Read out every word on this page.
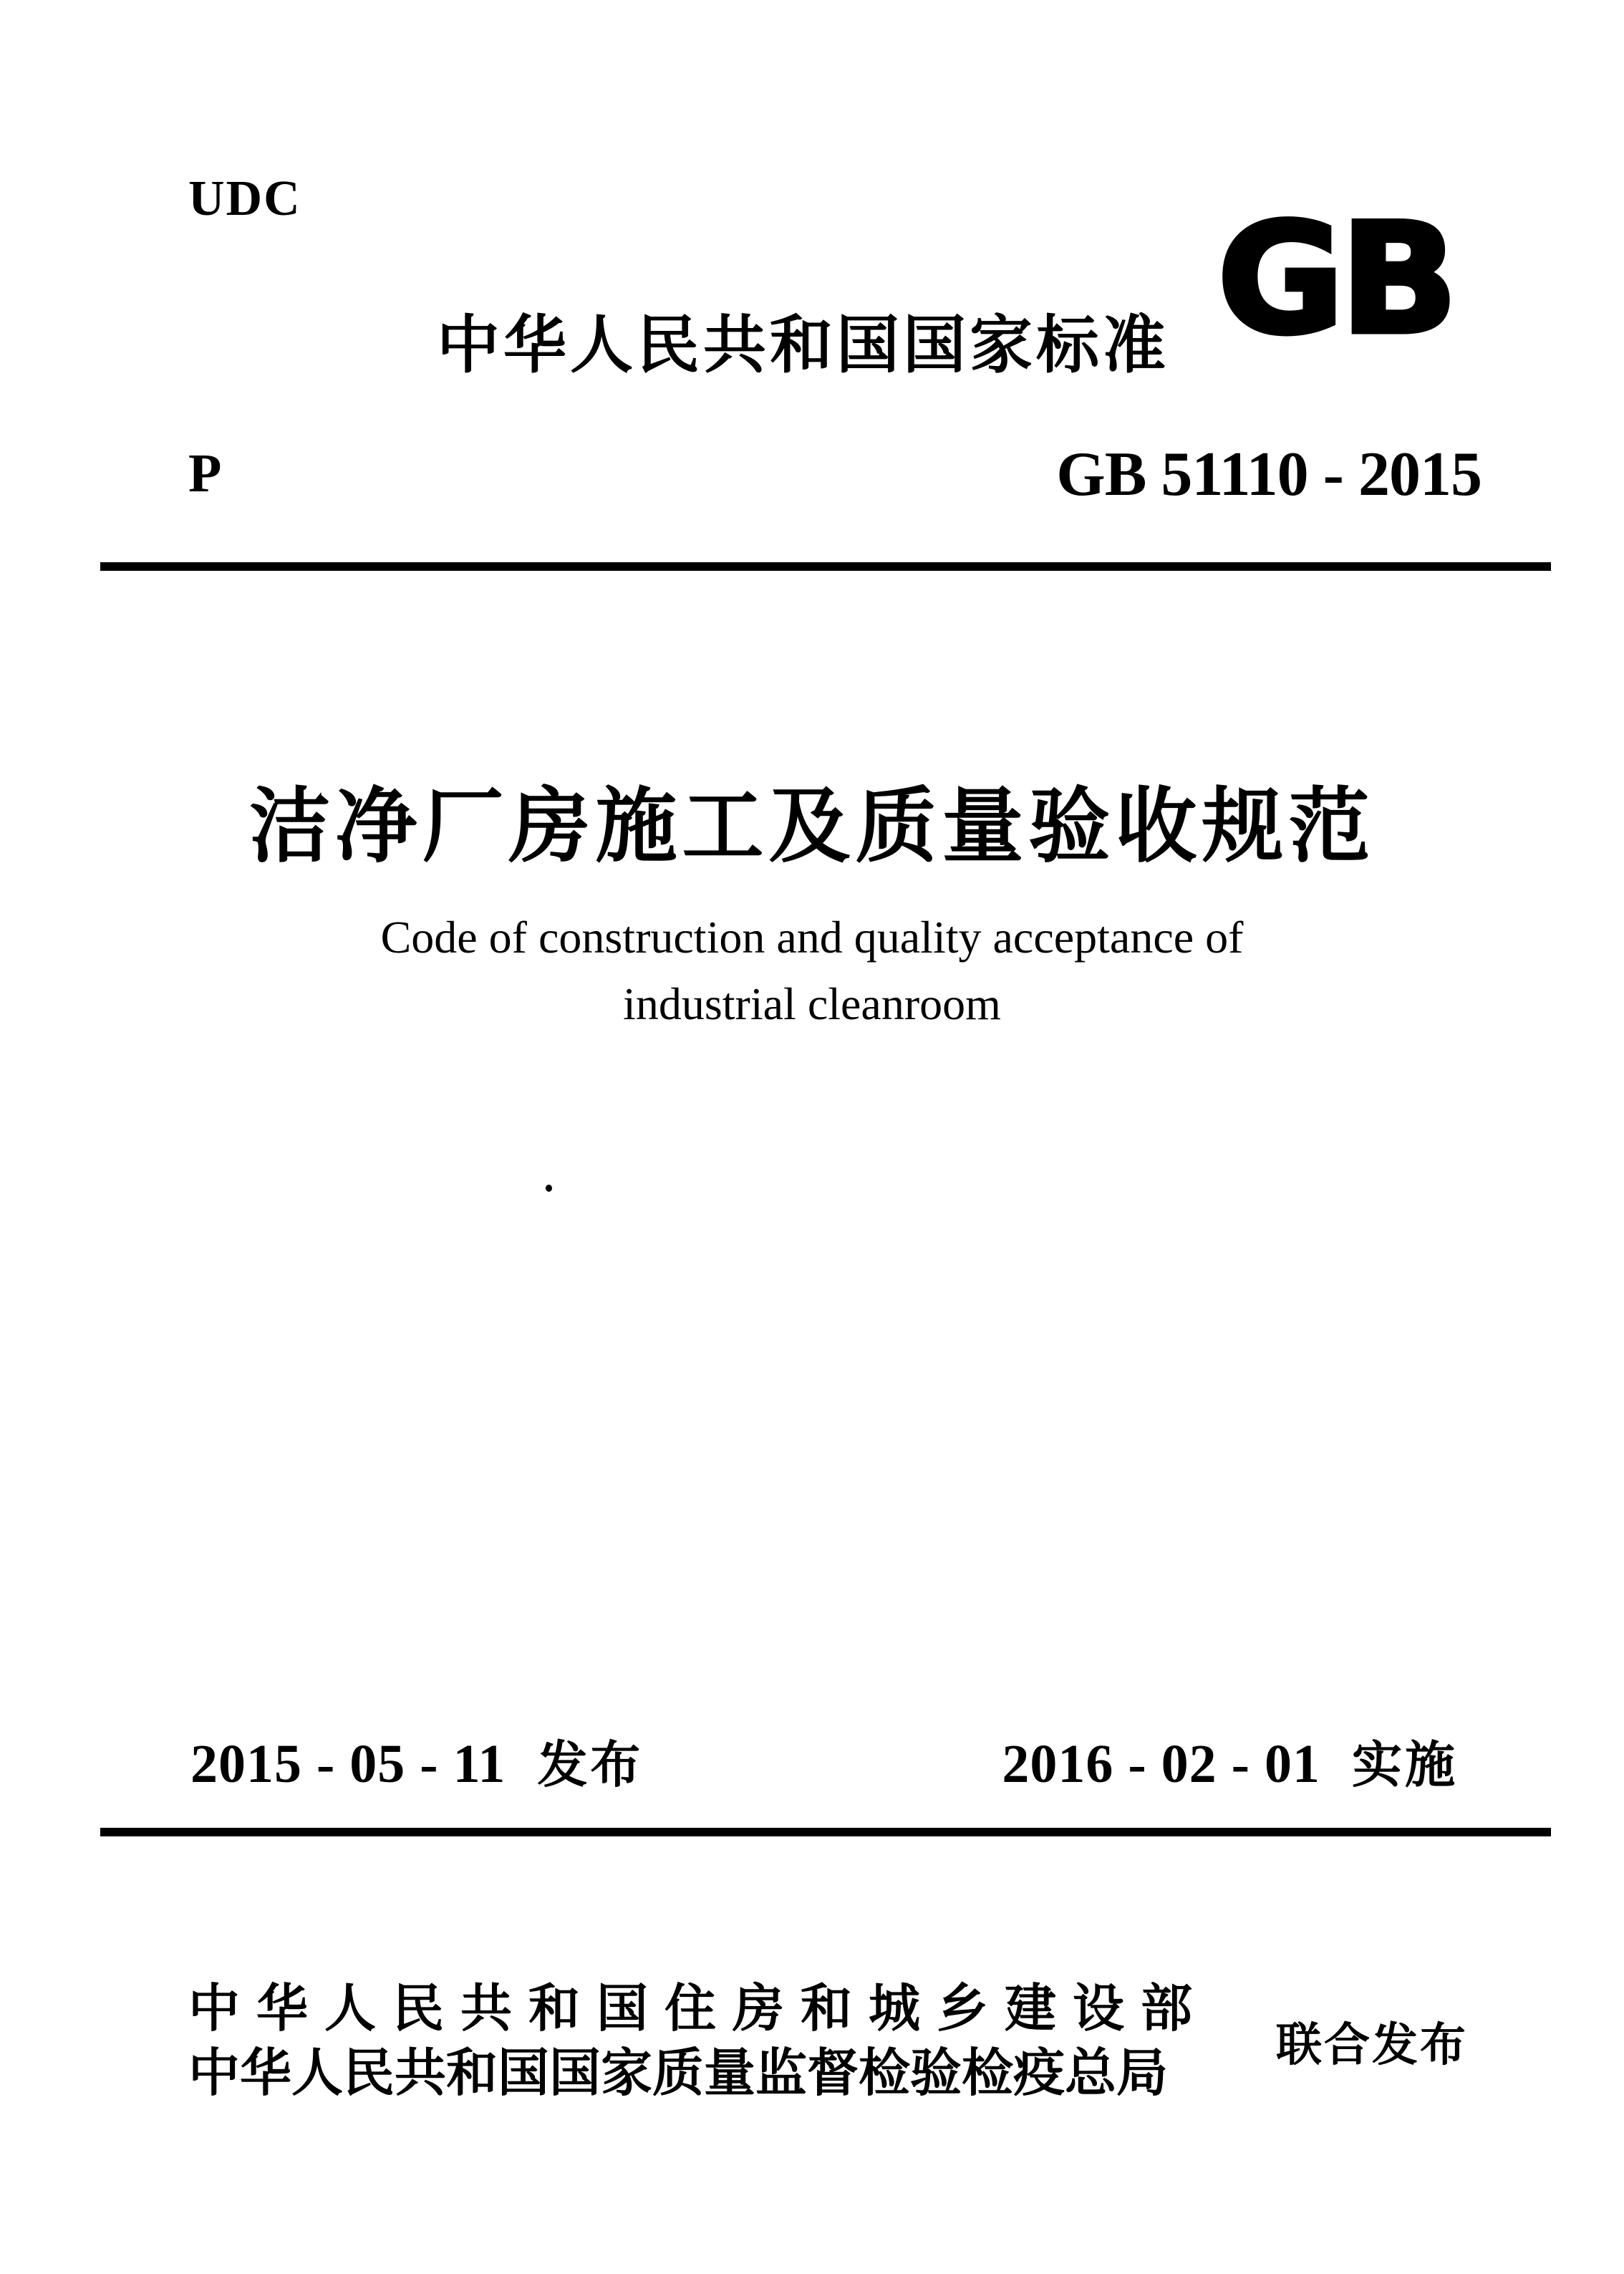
UDC
中华人民共和国国家标准 GB
P	GB 51110 - 2015
洁净厂房施工及质量验收规范
Code of construction and quality acceptance of
industrial cleanroom
2015 - 05 - 11 发布	2016 - 02 - 01 实施
中华人民共和国住房和城乡建设部
中华人民共和国国家质量监督检验检疫总局	联合发布
